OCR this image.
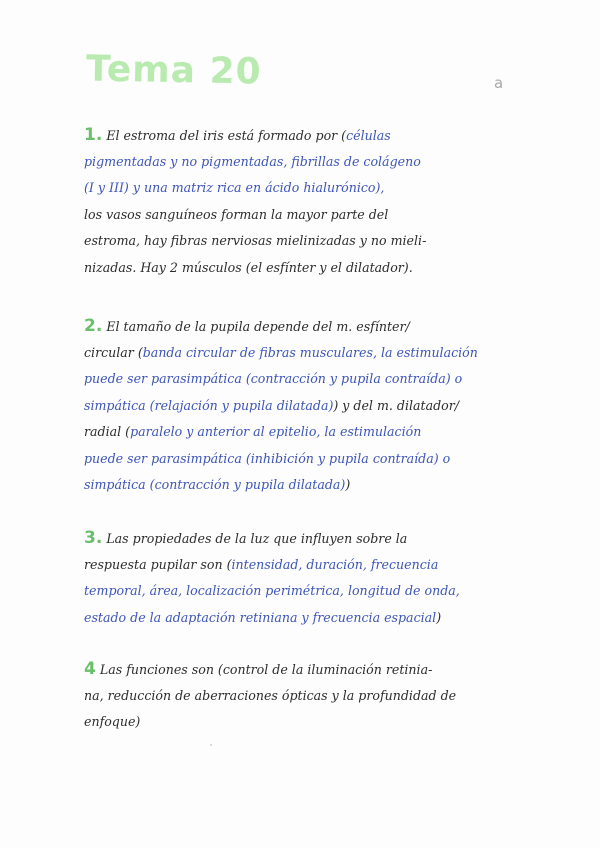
Tema 20	a
1. El estroma del iris está formado por (células
pigmentadas y no pigmentadas, fibrillas de colágeno
(I y III) y una matriz rica en ácido hialurónico),
los vasos sanguíneos forman la mayor parte del
estroma, hay fibras nerviosas mielinizadas y no mieli-
nizadas. Hay 2 músculos (el esfínter y el dilatador).
2. El tamaño de la pupila depende del m. esfínter/
circular (banda circular de fibras musculares, la estimulación
puede ser parasimpática (contracción y pupila contraída) o
simpática (relajación y pupila dilatada)) y del m. dilatador/
radial (paralelo y anterior al epitelio, la estimulación
puede ser parasimpática (inhibición y pupila contraída) o
simpática (contracción y pupila dilatada))
3. Las propiedades de la luz que influyen sobre la
respuesta pupilar son (intensidad, duración, frecuencia
temporal, área, localización perimétrica, longitud de onda,
estado de la adaptación retiniana y frecuencia espacial)
4 Las funciones son (control de la iluminación retinia-
na, reducción de aberraciones ópticas y la profundidad de
enfoque)
